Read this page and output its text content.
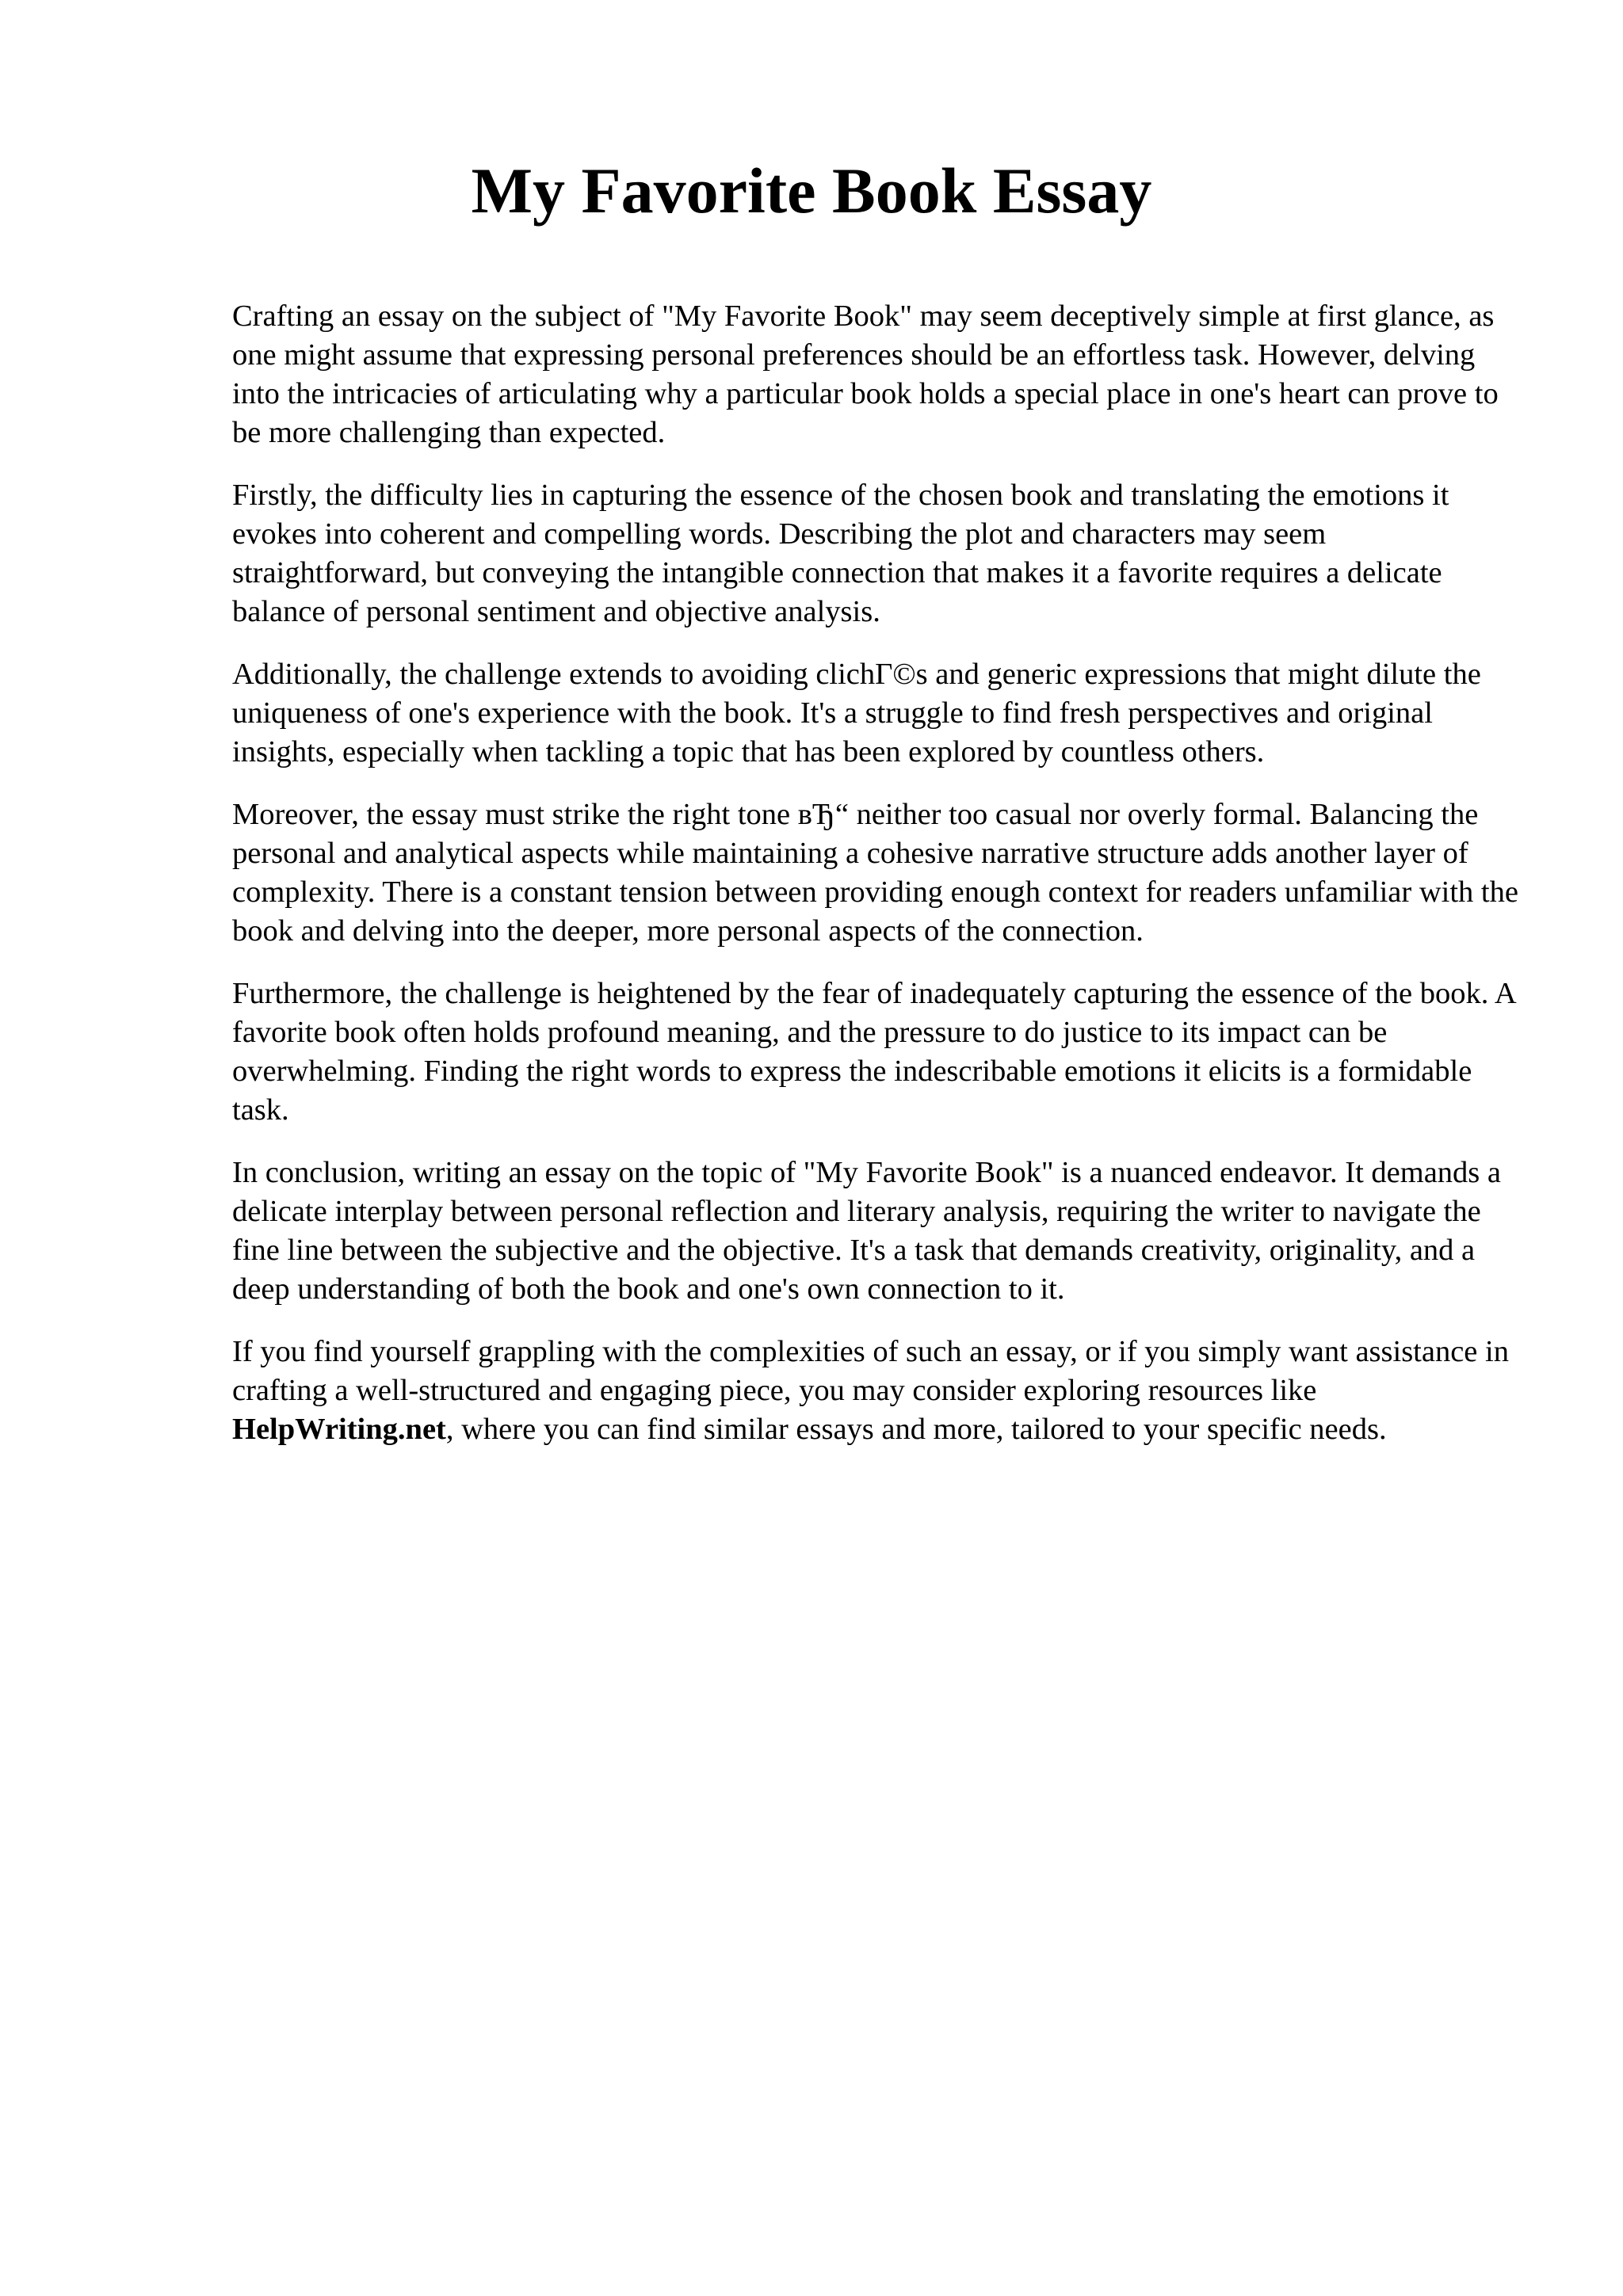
My Favorite Book Essay

Crafting an essay on the subject of "My Favorite Book" may seem deceptively simple at first glance, as one might assume that expressing personal preferences should be an effortless task. However, delving into the intricacies of articulating why a particular book holds a special place in one's heart can prove to be more challenging than expected.

Firstly, the difficulty lies in capturing the essence of the chosen book and translating the emotions it evokes into coherent and compelling words. Describing the plot and characters may seem straightforward, but conveying the intangible connection that makes it a favorite requires a delicate balance of personal sentiment and objective analysis.

Additionally, the challenge extends to avoiding clichГ©s and generic expressions that might dilute the uniqueness of one's experience with the book. It's a struggle to find fresh perspectives and original insights, especially when tackling a topic that has been explored by countless others.

Moreover, the essay must strike the right tone вЂ“ neither too casual nor overly formal. Balancing the personal and analytical aspects while maintaining a cohesive narrative structure adds another layer of complexity. There is a constant tension between providing enough context for readers unfamiliar with the book and delving into the deeper, more personal aspects of the connection.

Furthermore, the challenge is heightened by the fear of inadequately capturing the essence of the book. A favorite book often holds profound meaning, and the pressure to do justice to its impact can be overwhelming. Finding the right words to express the indescribable emotions it elicits is a formidable task.

In conclusion, writing an essay on the topic of "My Favorite Book" is a nuanced endeavor. It demands a delicate interplay between personal reflection and literary analysis, requiring the writer to navigate the fine line between the subjective and the objective. It's a task that demands creativity, originality, and a deep understanding of both the book and one's own connection to it.

If you find yourself grappling with the complexities of such an essay, or if you simply want assistance in crafting a well-structured and engaging piece, you may consider exploring resources like HelpWriting.net, where you can find similar essays and more, tailored to your specific needs.
